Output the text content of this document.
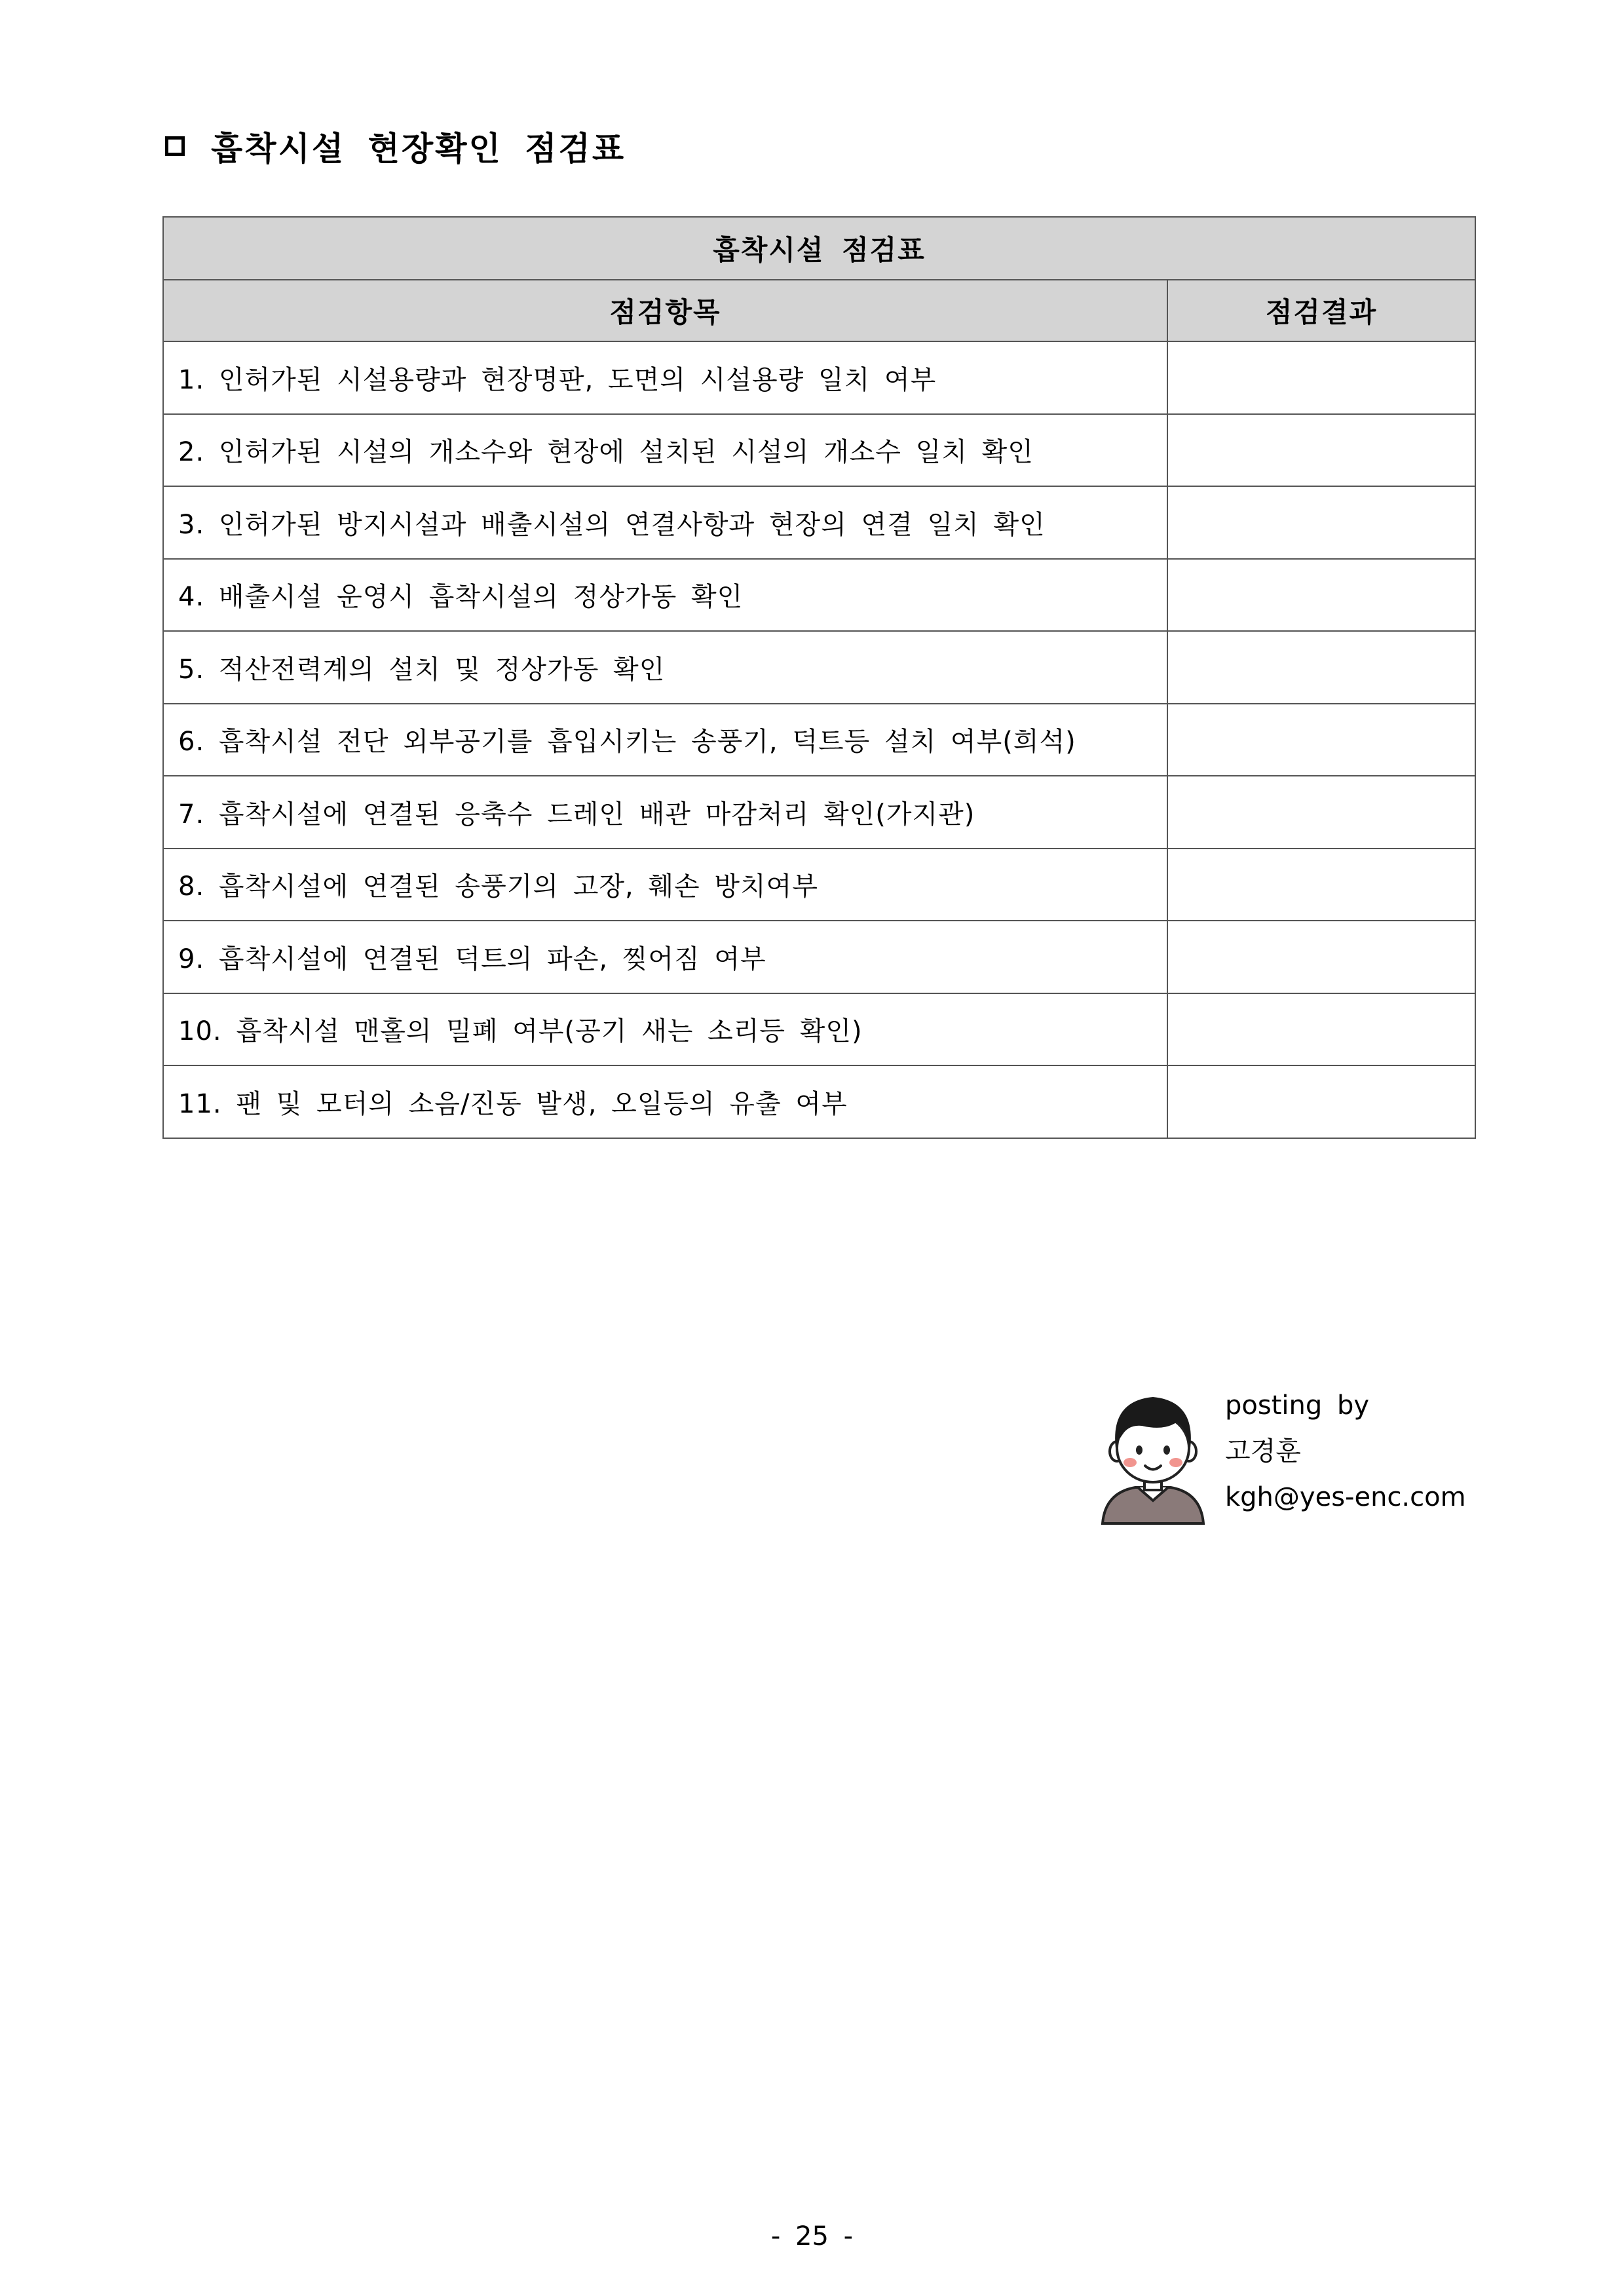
흡착시설 현장확인 점검표
흡착시설 점검표	
점검항목	점검결과
1. 인허가된 시설용량과 현장명판, 도면의 시설용량 일치 여부	
2. 인허가된 시설의 개소수와 현장에 설치된 시설의 개소수 일치 확인	
3. 인허가된 방지시설과 배출시설의 연결사항과 현장의 연결 일치 확인	
4. 배출시설 운영시 흡착시설의 정상가동 확인	
5. 적산전력계의 설치 및 정상가동 확인	
6. 흡착시설 전단 외부공기를 흡입시키는 송풍기, 덕트등 설치 여부(희석)	
7. 흡착시설에 연결된 응축수 드레인 배관 마감처리 확인(가지관)	
8. 흡착시설에 연결된 송풍기의 고장, 훼손 방치여부	
9. 흡착시설에 연결된 덕트의 파손, 찢어짐 여부	
10. 흡착시설 맨홀의 밀폐 여부(공기 새는 소리등 확인)	
11. 팬 및 모터의 소음/진동 발생, 오일등의 유출 여부	
posting by
고경훈
kgh@yes-enc.com
- 25 -
